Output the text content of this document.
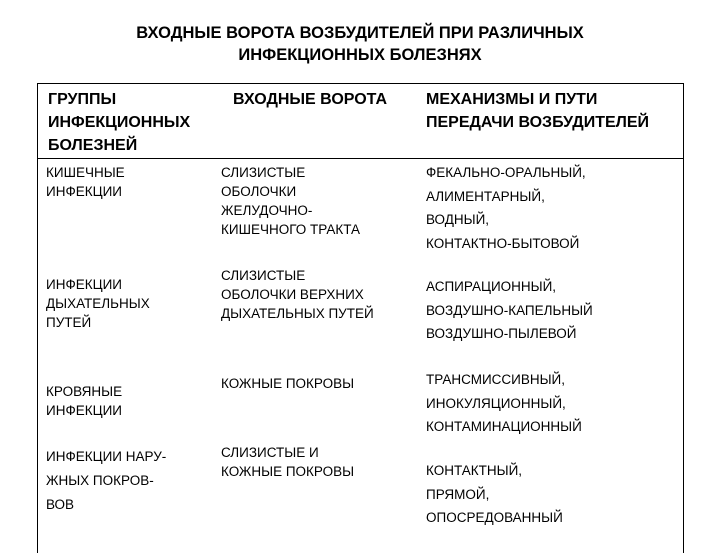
ВХОДНЫЕ ВОРОТА ВОЗБУДИТЕЛЕЙ ПРИ РАЗЛИЧНЫХ
ИНФЕКЦИОННЫХ БОЛЕЗНЯХ
ГРУППЫ
ИНФЕКЦИОННЫХ
БОЛЕЗНЕЙ
ВХОДНЫЕ ВОРОТА МЕХАНИЗМЫ И ПУТИ
ПЕРЕДАЧИ ВОЗБУДИТЕЛЕЙ
КИШЕЧНЫЕ
ИНФЕКЦИИ
СЛИЗИСТЫЕ
ОБОЛОЧКИ
ЖЕЛУДОЧНО-
КИШЕЧНОГО ТРАКТА
ФЕКАЛЬНО-ОРАЛЬНЫЙ,
АЛИМЕНТАРНЫЙ,
ВОДНЫЙ,
КОНТАКТНО-БЫТОВОЙ
ИНФЕКЦИИ
ДЫХАТЕЛЬНЫХ
ПУТЕЙ
СЛИЗИСТЫЕ
ОБОЛОЧКИ ВЕРХНИХ
ДЫХАТЕЛЬНЫХ ПУТЕЙ
АСПИРАЦИОННЫЙ,
ВОЗДУШНО-КАПЕЛЬНЫЙ
ВОЗДУШНО-ПЫЛЕВОЙ
КРОВЯНЫЕ
ИНФЕКЦИИ
КОЖНЫЕ ПОКРОВЫ	ТРАНСМИССИВНЫЙ,
ИНОКУЛЯЦИОННЫЙ,
КОНТАМИНАЦИОННЫЙ
ИНФЕКЦИИ НАРУ-
ЖНЫХ ПОКРОВ-
ВОВ
СЛИЗИСТЫЕ И
КОЖНЫЕ ПОКРОВЫ	КОНТАКТНЫЙ,
ПРЯМОЙ,
ОПОСРЕДОВАННЫЙ
